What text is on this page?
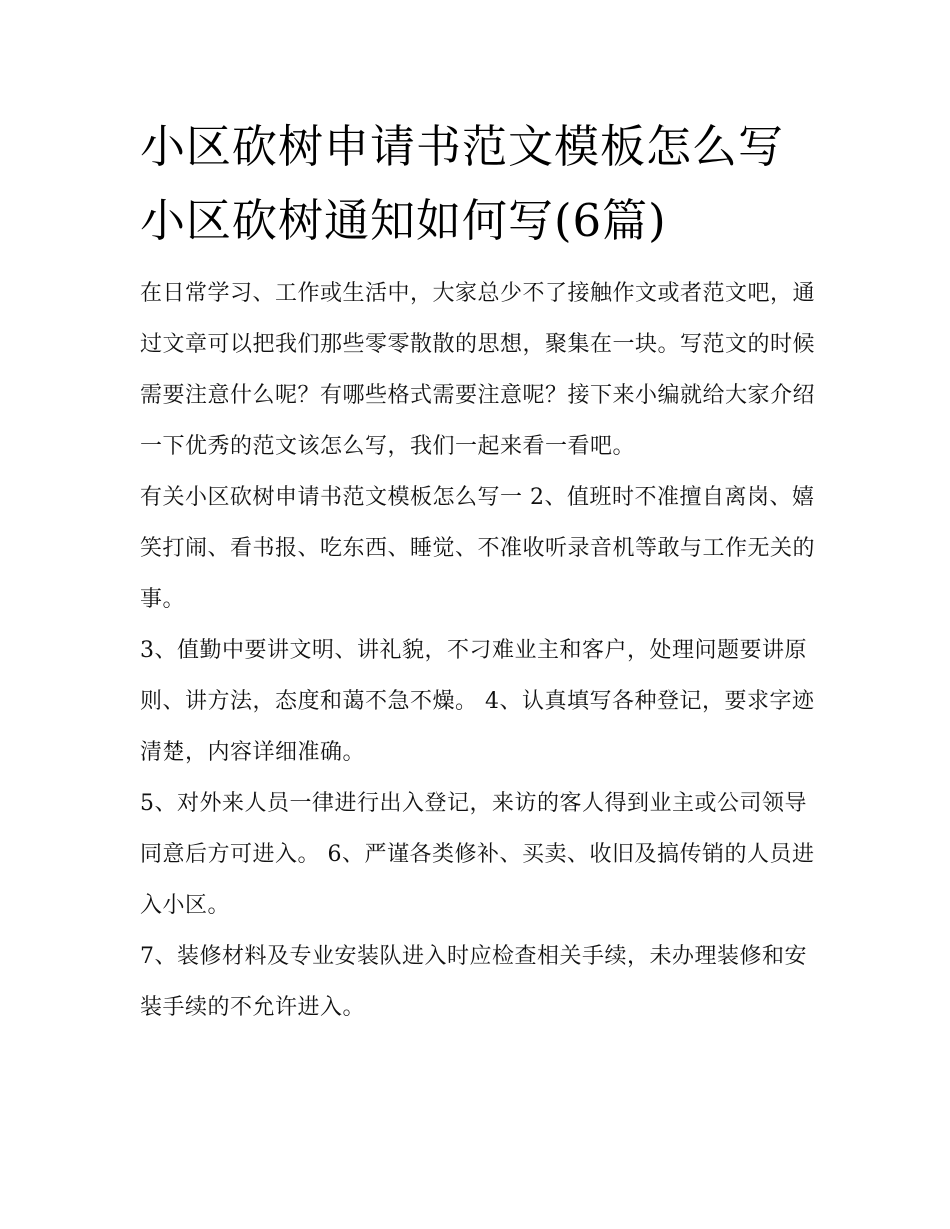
小区砍树申请书范文模板怎么写 小区砍树通知如何写(6篇)

在日常学习、工作或生活中，大家总少不了接触作文或者范文吧，通过文章可以把我们那些零零散散的思想，聚集在一块。写范文的时候需要注意什么呢？有哪些格式需要注意呢？接下来小编就给大家介绍一下优秀的范文该怎么写，我们一起来看一看吧。

有关小区砍树申请书范文模板怎么写一 2、值班时不准擅自离岗、嬉笑打闹、看书报、吃东西、睡觉、不准收听录音机等敢与工作无关的事。

3、值勤中要讲文明、讲礼貌，不刁难业主和客户，处理问题要讲原则、讲方法，态度和蔼不急不燥。 4、认真填写各种登记，要求字迹清楚，内容详细准确。

5、对外来人员一律进行出入登记，来访的客人得到业主或公司领导同意后方可进入。 6、严谨各类修补、买卖、收旧及搞传销的人员进入小区。

7、装修材料及专业安装队进入时应检查相关手续，未办理装修和安装手续的不允许进入。
